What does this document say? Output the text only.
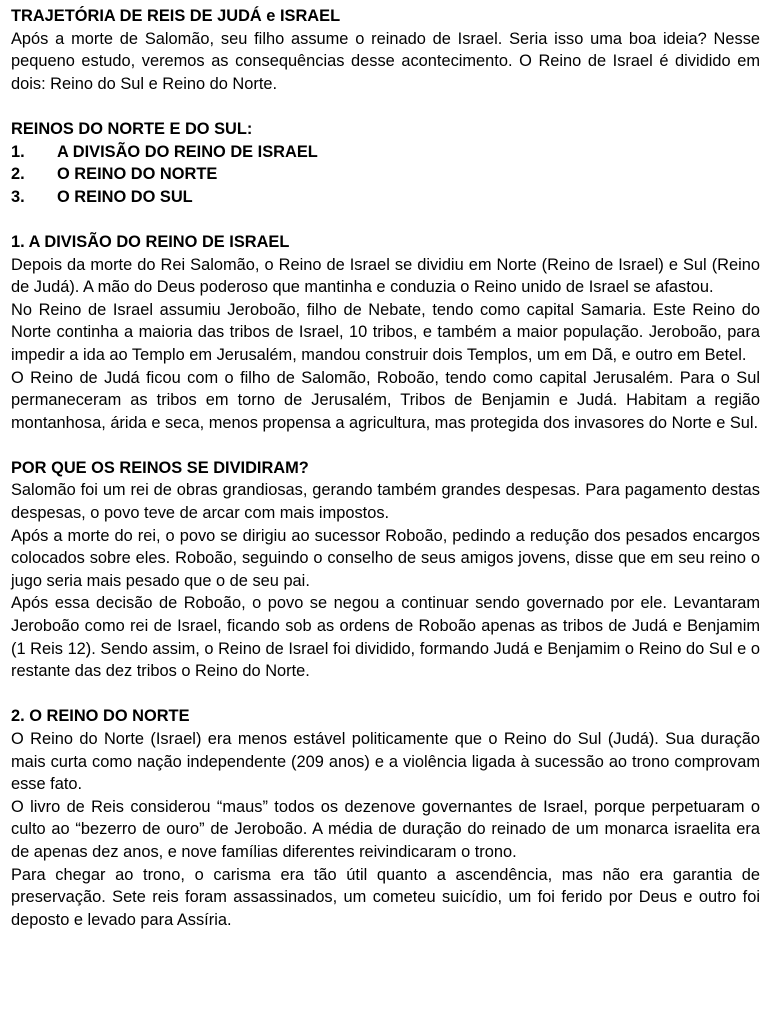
TRAJETÓRIA DE REIS DE JUDÁ e ISRAEL

Após a morte de Salomão, seu filho assume o reinado de Israel. Seria isso uma boa ideia? Nesse pequeno estudo, veremos as consequências desse acontecimento. O Reino de Israel é dividido em dois: Reino do Sul e Reino do Norte.

REINOS DO NORTE E DO SUL:

1.	A DIVISÃO DO REINO DE ISRAEL
2.	O REINO DO NORTE
3.	O REINO DO SUL

1. A DIVISÃO DO REINO DE ISRAEL

Depois da morte do Rei Salomão, o Reino de Israel se dividiu em Norte (Reino de Israel) e Sul (Reino de Judá). A mão do Deus poderoso que mantinha e conduzia o Reino unido de Israel se afastou.

No Reino de Israel assumiu Jeroboão, filho de Nebate, tendo como capital Samaria. Este Reino do Norte continha a maioria das tribos de Israel, 10 tribos, e também a maior população. Jeroboão, para impedir a ida ao Templo em Jerusalém, mandou construir dois Templos, um em Dã, e outro em Betel.

O Reino de Judá ficou com o filho de Salomão, Roboão, tendo como capital Jerusalém. Para o Sul permaneceram as tribos em torno de Jerusalém, Tribos de Benjamin e Judá. Habitam a região montanhosa, árida e seca, menos propensa a agricultura, mas protegida dos invasores do Norte e Sul.

POR QUE OS REINOS SE DIVIDIRAM?

Salomão foi um rei de obras grandiosas, gerando também grandes despesas. Para pagamento destas despesas, o povo teve de arcar com mais impostos.

Após a morte do rei, o povo se dirigiu ao sucessor Roboão, pedindo a redução dos pesados encargos colocados sobre eles. Roboão, seguindo o conselho de seus amigos jovens, disse que em seu reino o jugo seria mais pesado que o de seu pai.

Após essa decisão de Roboão, o povo se negou a continuar sendo governado por ele. Levantaram Jeroboão como rei de Israel, ficando sob as ordens de Roboão apenas as tribos de Judá e Benjamim (1 Reis 12). Sendo assim, o Reino de Israel foi dividido, formando Judá e Benjamim o Reino do Sul e o restante das dez tribos o Reino do Norte.

2. O REINO DO NORTE

O Reino do Norte (Israel) era menos estável politicamente que o Reino do Sul (Judá). Sua duração mais curta como nação independente (209 anos) e a violência ligada à sucessão ao trono comprovam esse fato.

O livro de Reis considerou “maus” todos os dezenove governantes de Israel, porque perpetuaram o culto ao “bezerro de ouro” de Jeroboão. A média de duração do reinado de um monarca israelita era de apenas dez anos, e nove famílias diferentes reivindicaram o trono.

Para chegar ao trono, o carisma era tão útil quanto a ascendência, mas não era garantia de preservação. Sete reis foram assassinados, um cometeu suicídio, um foi ferido por Deus e outro foi deposto e levado para Assíria.
